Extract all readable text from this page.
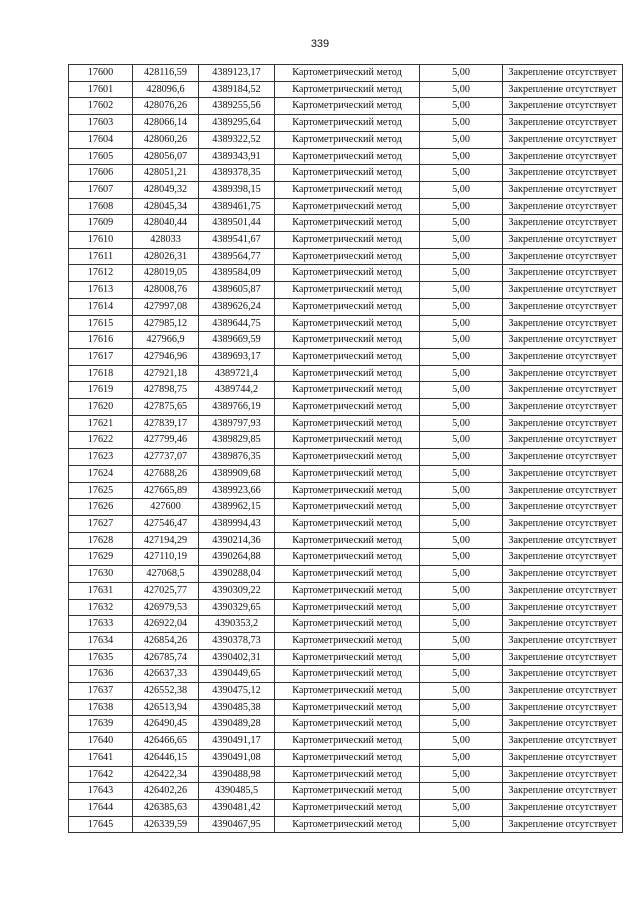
339
17600	428116,59	4389123,17	Картометрический метод	5,00	Закрепление отсутствует
17601	428096,6	4389184,52	Картометрический метод	5,00	Закрепление отсутствует
17602	428076,26	4389255,56	Картометрический метод	5,00	Закрепление отсутствует
17603	428066,14	4389295,64	Картометрический метод	5,00	Закрепление отсутствует
17604	428060,26	4389322,52	Картометрический метод	5,00	Закрепление отсутствует
17605	428056,07	4389343,91	Картометрический метод	5,00	Закрепление отсутствует
17606	428051,21	4389378,35	Картометрический метод	5,00	Закрепление отсутствует
17607	428049,32	4389398,15	Картометрический метод	5,00	Закрепление отсутствует
17608	428045,34	4389461,75	Картометрический метод	5,00	Закрепление отсутствует
17609	428040,44	4389501,44	Картометрический метод	5,00	Закрепление отсутствует
17610	428033	4389541,67	Картометрический метод	5,00	Закрепление отсутствует
17611	428026,31	4389564,77	Картометрический метод	5,00	Закрепление отсутствует
17612	428019,05	4389584,09	Картометрический метод	5,00	Закрепление отсутствует
17613	428008,76	4389605,87	Картометрический метод	5,00	Закрепление отсутствует
17614	427997,08	4389626,24	Картометрический метод	5,00	Закрепление отсутствует
17615	427985,12	4389644,75	Картометрический метод	5,00	Закрепление отсутствует
17616	427966,9	4389669,59	Картометрический метод	5,00	Закрепление отсутствует
17617	427946,96	4389693,17	Картометрический метод	5,00	Закрепление отсутствует
17618	427921,18	4389721,4	Картометрический метод	5,00	Закрепление отсутствует
17619	427898,75	4389744,2	Картометрический метод	5,00	Закрепление отсутствует
17620	427875,65	4389766,19	Картометрический метод	5,00	Закрепление отсутствует
17621	427839,17	4389797,93	Картометрический метод	5,00	Закрепление отсутствует
17622	427799,46	4389829,85	Картометрический метод	5,00	Закрепление отсутствует
17623	427737,07	4389876,35	Картометрический метод	5,00	Закрепление отсутствует
17624	427688,26	4389909,68	Картометрический метод	5,00	Закрепление отсутствует
17625	427665,89	4389923,66	Картометрический метод	5,00	Закрепление отсутствует
17626	427600	4389962,15	Картометрический метод	5,00	Закрепление отсутствует
17627	427546,47	4389994,43	Картометрический метод	5,00	Закрепление отсутствует
17628	427194,29	4390214,36	Картометрический метод	5,00	Закрепление отсутствует
17629	427110,19	4390264,88	Картометрический метод	5,00	Закрепление отсутствует
17630	427068,5	4390288,04	Картометрический метод	5,00	Закрепление отсутствует
17631	427025,77	4390309,22	Картометрический метод	5,00	Закрепление отсутствует
17632	426979,53	4390329,65	Картометрический метод	5,00	Закрепление отсутствует
17633	426922,04	4390353,2	Картометрический метод	5,00	Закрепление отсутствует
17634	426854,26	4390378,73	Картометрический метод	5,00	Закрепление отсутствует
17635	426785,74	4390402,31	Картометрический метод	5,00	Закрепление отсутствует
17636	426637,33	4390449,65	Картометрический метод	5,00	Закрепление отсутствует
17637	426552,38	4390475,12	Картометрический метод	5,00	Закрепление отсутствует
17638	426513,94	4390485,38	Картометрический метод	5,00	Закрепление отсутствует
17639	426490,45	4390489,28	Картометрический метод	5,00	Закрепление отсутствует
17640	426466,65	4390491,17	Картометрический метод	5,00	Закрепление отсутствует
17641	426446,15	4390491,08	Картометрический метод	5,00	Закрепление отсутствует
17642	426422,34	4390488,98	Картометрический метод	5,00	Закрепление отсутствует
17643	426402,26	4390485,5	Картометрический метод	5,00	Закрепление отсутствует
17644	426385,63	4390481,42	Картометрический метод	5,00	Закрепление отсутствует
17645	426339,59	4390467,95	Картометрический метод	5,00	Закрепление отсутствует
